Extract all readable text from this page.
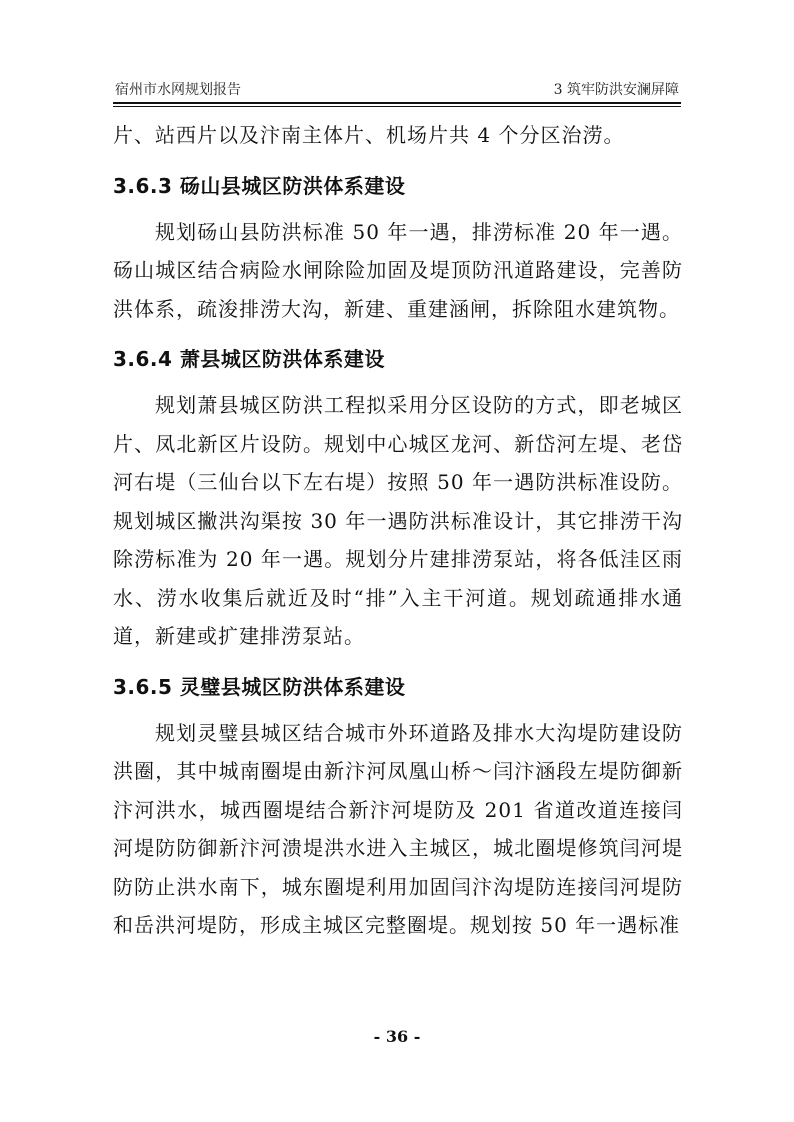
宿州市水网规划报告	3 筑牢防洪安澜屏障

片、站西片以及汴南主体片、机场片共 4 个分区治涝。

3.6.3 砀山县城区防洪体系建设

规划砀山县防洪标准 50 年一遇，排涝标准 20 年一遇。砀山城区结合病险水闸除险加固及堤顶防汛道路建设，完善防洪体系，疏浚排涝大沟，新建、重建涵闸，拆除阻水建筑物。

3.6.4 萧县城区防洪体系建设

规划萧县城区防洪工程拟采用分区设防的方式，即老城区片、凤北新区片设防。规划中心城区龙河、新岱河左堤、老岱河右堤（三仙台以下左右堤）按照 50 年一遇防洪标准设防。规划城区撇洪沟渠按 30 年一遇防洪标准设计，其它排涝干沟除涝标准为 20 年一遇。规划分片建排涝泵站，将各低洼区雨水、涝水收集后就近及时“排”入主干河道。规划疏通排水通道，新建或扩建排涝泵站。

3.6.5 灵璧县城区防洪体系建设

规划灵璧县城区结合城市外环道路及排水大沟堤防建设防洪圈，其中城南圈堤由新汴河凤凰山桥～闫汴涵段左堤防御新汴河洪水，城西圈堤结合新汴河堤防及 201 省道改道连接闫河堤防防御新汴河溃堤洪水进入主城区，城北圈堤修筑闫河堤防防止洪水南下，城东圈堤利用加固闫汴沟堤防连接闫河堤防和岳洪河堤防，形成主城区完整圈堤。规划按 50 年一遇标准

- 36 -
